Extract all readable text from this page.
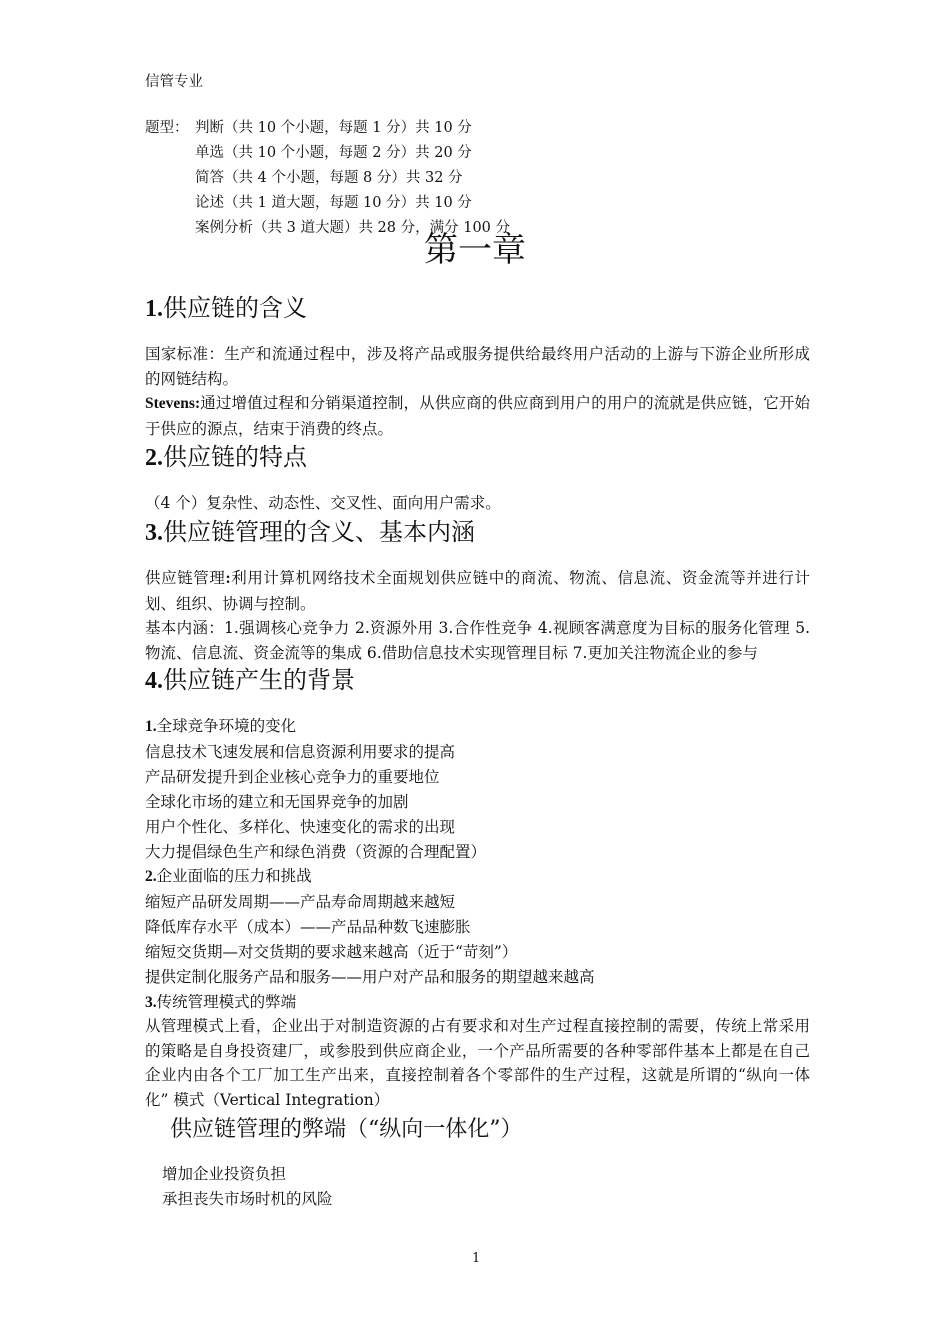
信管专业
题型： 判断（共 10 个小题，每题 1 分）共 10 分
单选（共 10 个小题，每题 2 分）共 20 分
简答（共 4 个小题，每题 8 分）共 32 分
论述（共 1 道大题，每题 10 分）共 10 分
案例分析（共 3 道大题）共 28 分，满分 100 分
第一章
1.供应链的含义

国家标准：生产和流通过程中，涉及将产品或服务提供给最终用户活动的上游与下游企业所形成的网链结构。

Stevens:通过增值过程和分销渠道控制，从供应商的供应商到用户的用户的流就是供应链，它开始于供应的源点，结束于消费的终点。

2.供应链的特点

（4 个）复杂性、动态性、交叉性、面向用户需求。

3.供应链管理的含义、基本内涵

供应链管理:利用计算机网络技术全面规划供应链中的商流、物流、信息流、资金流等并进行计划、组织、协调与控制。

基本内涵：1.强调核心竞争力 2.资源外用 3.合作性竞争 4.视顾客满意度为目标的服务化管理 5.物流、信息流、资金流等的集成 6.借助信息技术实现管理目标 7.更加关注物流企业的参与

4.供应链产生的背景
1.全球竞争环境的变化
信息技术飞速发展和信息资源利用要求的提高
产品研发提升到企业核心竞争力的重要地位
全球化市场的建立和无国界竞争的加剧
用户个性化、多样化、快速变化的需求的出现
大力提倡绿色生产和绿色消费（资源的合理配置）
2.企业面临的压力和挑战
缩短产品研发周期——产品寿命周期越来越短
降低库存水平（成本）——产品品种数飞速膨胀
缩短交货期—对交货期的要求越来越高（近于“苛刻”）
提供定制化服务产品和服务——用户对产品和服务的期望越来越高
3.传统管理模式的弊端

从管理模式上看，企业出于对制造资源的占有要求和对生产过程直接控制的需要，传统上常采用的策略是自身投资建厂，或参股到供应商企业，一个产品所需要的各种零部件基本上都是在自己企业内由各个工厂加工生产出来，直接控制着各个零部件的生产过程，这就是所谓的“纵向一体化” 模式（Vertical Integration）

供应链管理的弊端（“纵向一体化”）
增加企业投资负担
承担丧失市场时机的风险
1
